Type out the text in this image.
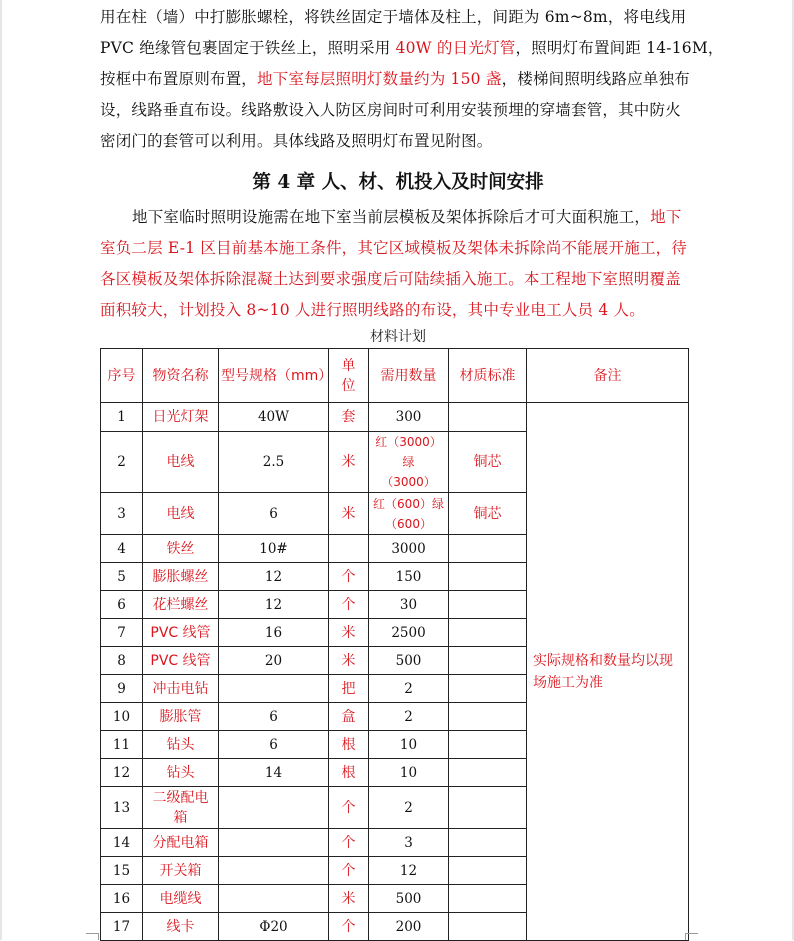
用在柱（墙）中打膨胀螺栓，将铁丝固定于墙体及柱上，间距为 6m~8m，将电线用
PVC 绝缘管包裹固定于铁丝上，照明采用 40W 的日光灯管，照明灯布置间距 14-16M，
按框中布置原则布置，地下室每层照明灯数量约为 150 盏，楼梯间照明线路应单独布
设，线路垂直布设。线路敷设入人防区房间时可利用安装预埋的穿墙套管，其中防火
密闭门的套管可以利用。具体线路及照明灯布置见附图。
第 4 章 人、材、机投入及时间安排
地下室临时照明设施需在地下室当前层模板及架体拆除后才可大面积施工，地下
室负二层 E-1 区目前基本施工条件，其它区域模板及架体未拆除尚不能展开施工，待
各区模板及架体拆除混凝土达到要求强度后可陆续插入施工。本工程地下室照明覆盖
面积较大，计划投入 8~10 人进行照明线路的布设，其中专业电工人员 4 人。
材料计划
序号	物资名称	型号规格（mm）	单位	需用数量	材质标准	备注
1	日光灯架	40W	套	300		实际规格和数量均以现场施工为准
2	电线	2.5	米	红（3000）绿
（3000）	铜芯	
3	电线	6	米	红（600）绿
（600）	铜芯	
4	铁丝	10#		3000		
5	膨胀螺丝	12	个	150		
6	花栏螺丝	12	个	30		
7	PVC 线管	16	米	2500		
8	PVC 线管	20	米	500		
9	冲击电钻		把	2		
10	膨胀管	6	盒	2		
11	钻头	6	根	10		
12	钻头	14	根	10		
13	二级配电
箱		个	2		
14	分配电箱		个	3		
15	开关箱		个	12		
16	电缆线		米	500		
17	线卡	Φ20	个	200		
